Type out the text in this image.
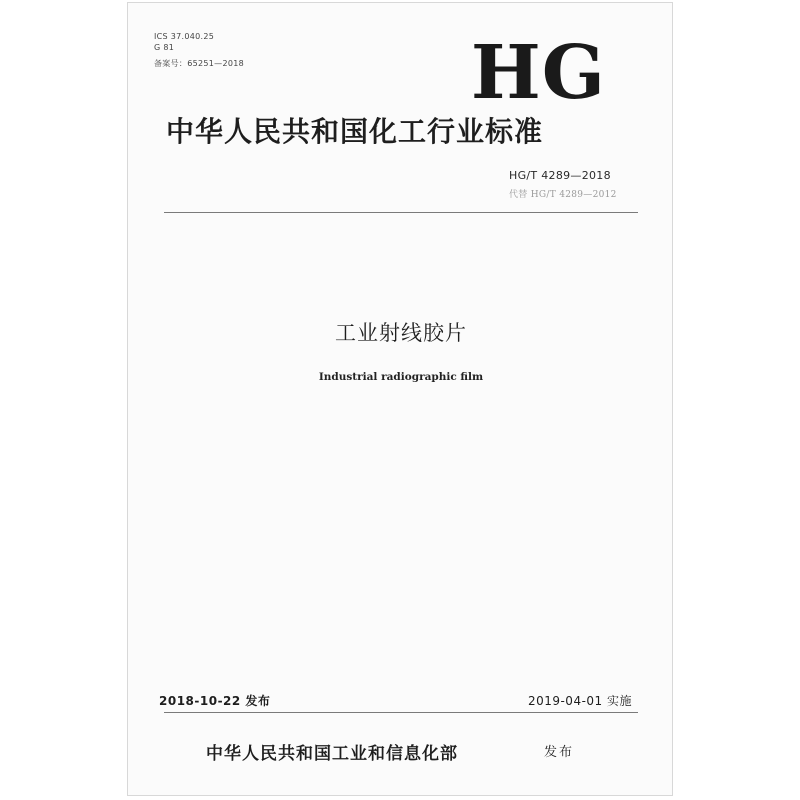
ICS 37.040.25
G 81
备案号：65251—2018	HG
中华人民共和国化工行业标准
HG/T 4289—2018
代替 HG/T 4289—2012
工业射线胶片
Industrial radiographic film
2018-10-22 发布	2019-04-01 实施
中华人民共和国工业和信息化部	发布
